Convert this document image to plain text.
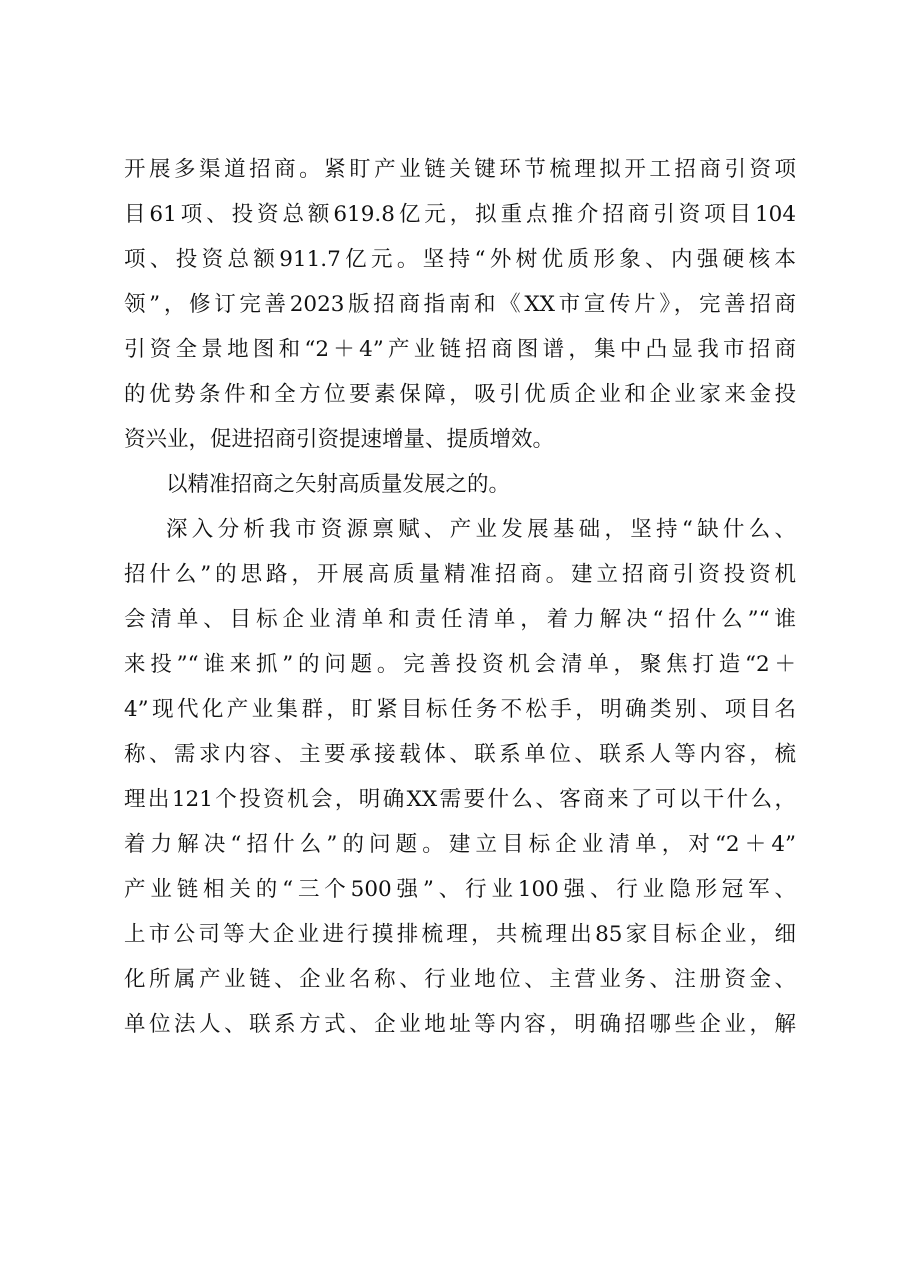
开展多渠道招商。紧盯产业链关键环节梳理拟开工招商引资项
目61项、投资总额619.8亿元，拟重点推介招商引资项目104
项、投资总额911.7亿元。坚持“外树优质形象、内强硬核本
领”，修订完善2023版招商指南和《XX市宣传片》，完善招商
引资全景地图和“2＋4”产业链招商图谱，集中凸显我市招商
的优势条件和全方位要素保障，吸引优质企业和企业家来金投
资兴业，促进招商引资提速增量、提质增效。
以精准招商之矢射高质量发展之的。
深入分析我市资源禀赋、产业发展基础，坚持“缺什么、
招什么”的思路，开展高质量精准招商。建立招商引资投资机
会清单、目标企业清单和责任清单，着力解决“招什么”“谁
来投”“谁来抓”的问题。完善投资机会清单，聚焦打造“2＋
4”现代化产业集群，盯紧目标任务不松手，明确类别、项目名
称、需求内容、主要承接载体、联系单位、联系人等内容，梳
理出121个投资机会，明确XX需要什么、客商来了可以干什么，
着力解决“招什么”的问题。建立目标企业清单，对“2＋4”
产业链相关的“三个500强”、行业100强、行业隐形冠军、
上市公司等大企业进行摸排梳理，共梳理出85家目标企业，细
化所属产业链、企业名称、行业地位、主营业务、注册资金、
单位法人、联系方式、企业地址等内容，明确招哪些企业，解
